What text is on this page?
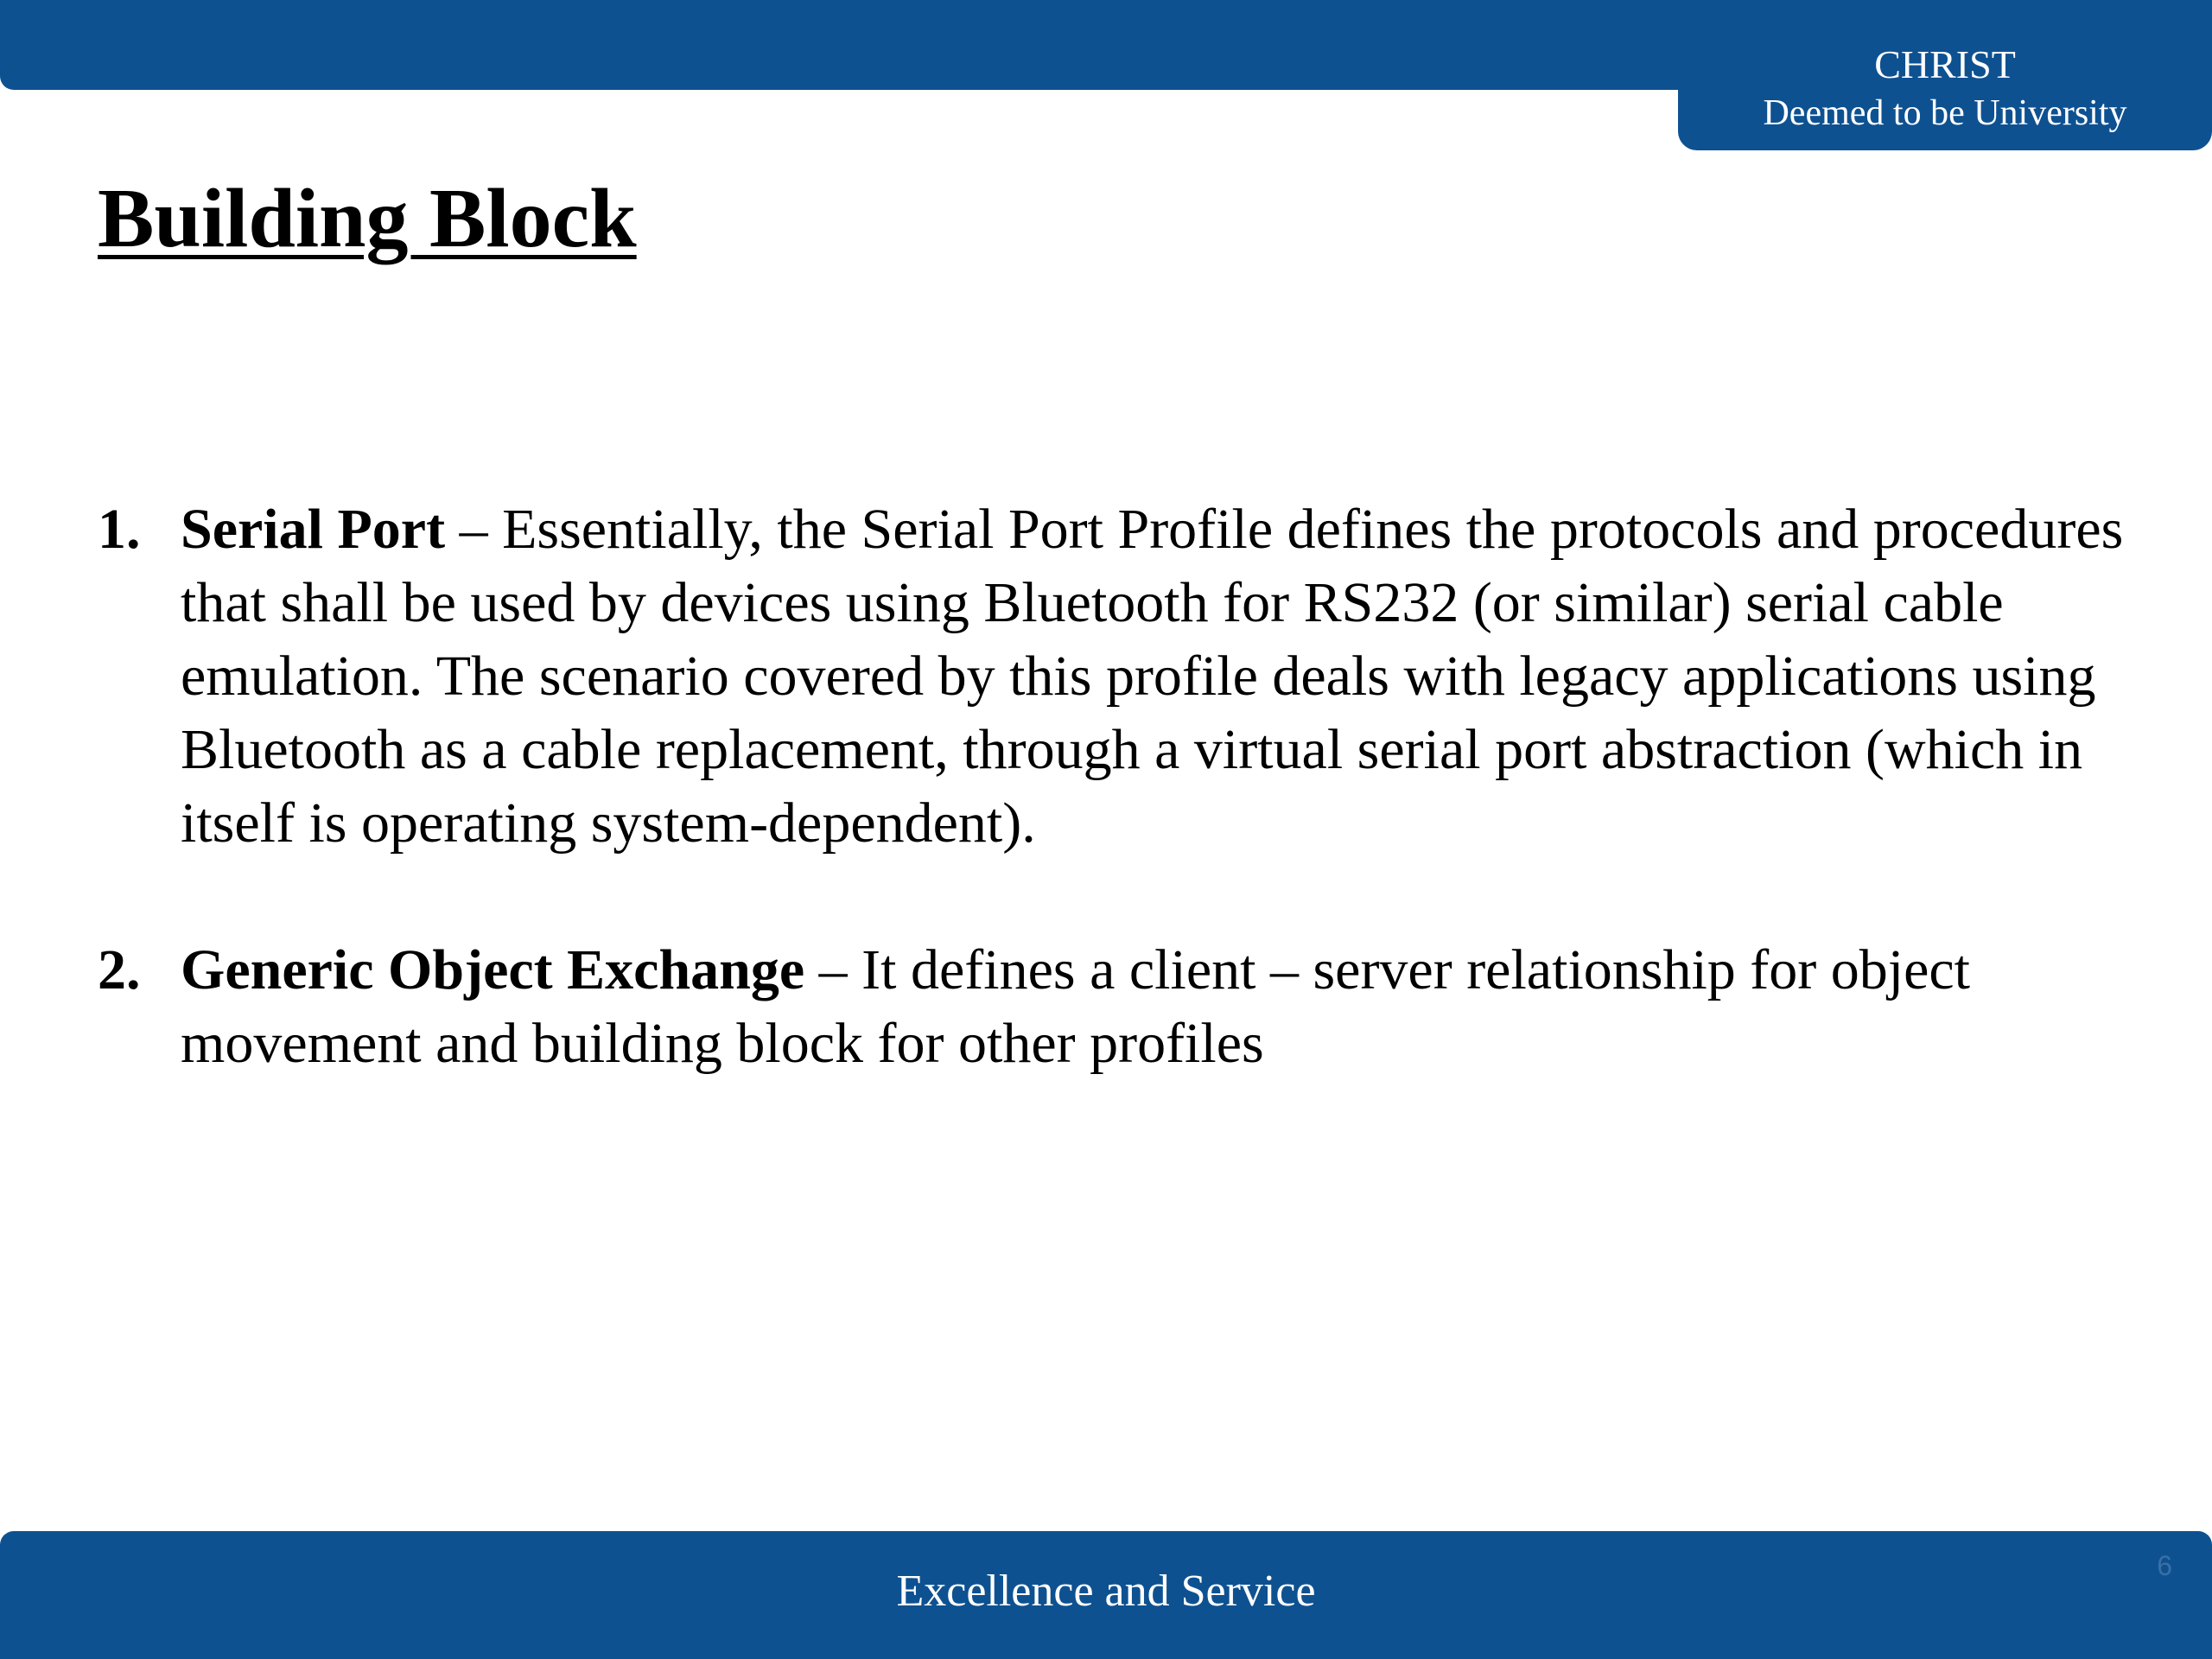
CHRIST
Deemed to be University
Building Block
1. Serial Port – Essentially, the Serial Port Profile defines the protocols and procedures that shall be used by devices using Bluetooth for RS232 (or similar) serial cable emulation. The scenario covered by this profile deals with legacy applications using Bluetooth as a cable replacement, through a virtual serial port abstraction (which in itself is operating system-dependent).
2. Generic Object Exchange – It defines a client – server relationship for object movement and building block for other profiles
Excellence and Service
6
